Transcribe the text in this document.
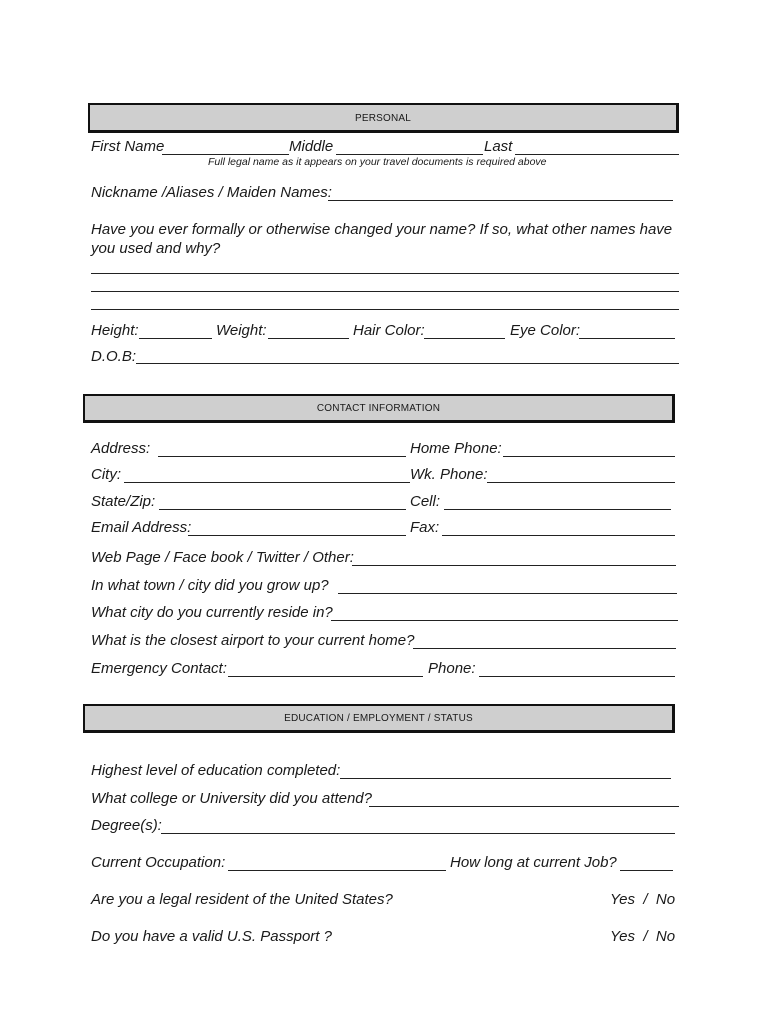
PERSONAL
First Name	Middle	Last
Full legal name as it appears on your travel documents is required above
Nickname /Aliases / Maiden Names:
Have you ever formally or otherwise changed your name? If so, what other names have
you used and why?
Height:	Weight:	Hair Color:	Eye Color:
D.O.B:
CONTACT INFORMATION
Address:	Home Phone:
City:	Wk. Phone:
State/Zip:	Cell:
Email Address:	Fax:
Web Page / Face book / Twitter / Other:
In what town / city did you grow up?
What city do you currently reside in?
What is the closest airport to your current home?
Emergency Contact:	Phone:
EDUCATION / EMPLOYMENT / STATUS
Highest level of education completed:
What college or University did you attend?
Degree(s):
Current Occupation:	How long at current Job?
Are you a legal resident of the United States?	Yes  /  No
Do you have a valid U.S. Passport ?	Yes  /  No
